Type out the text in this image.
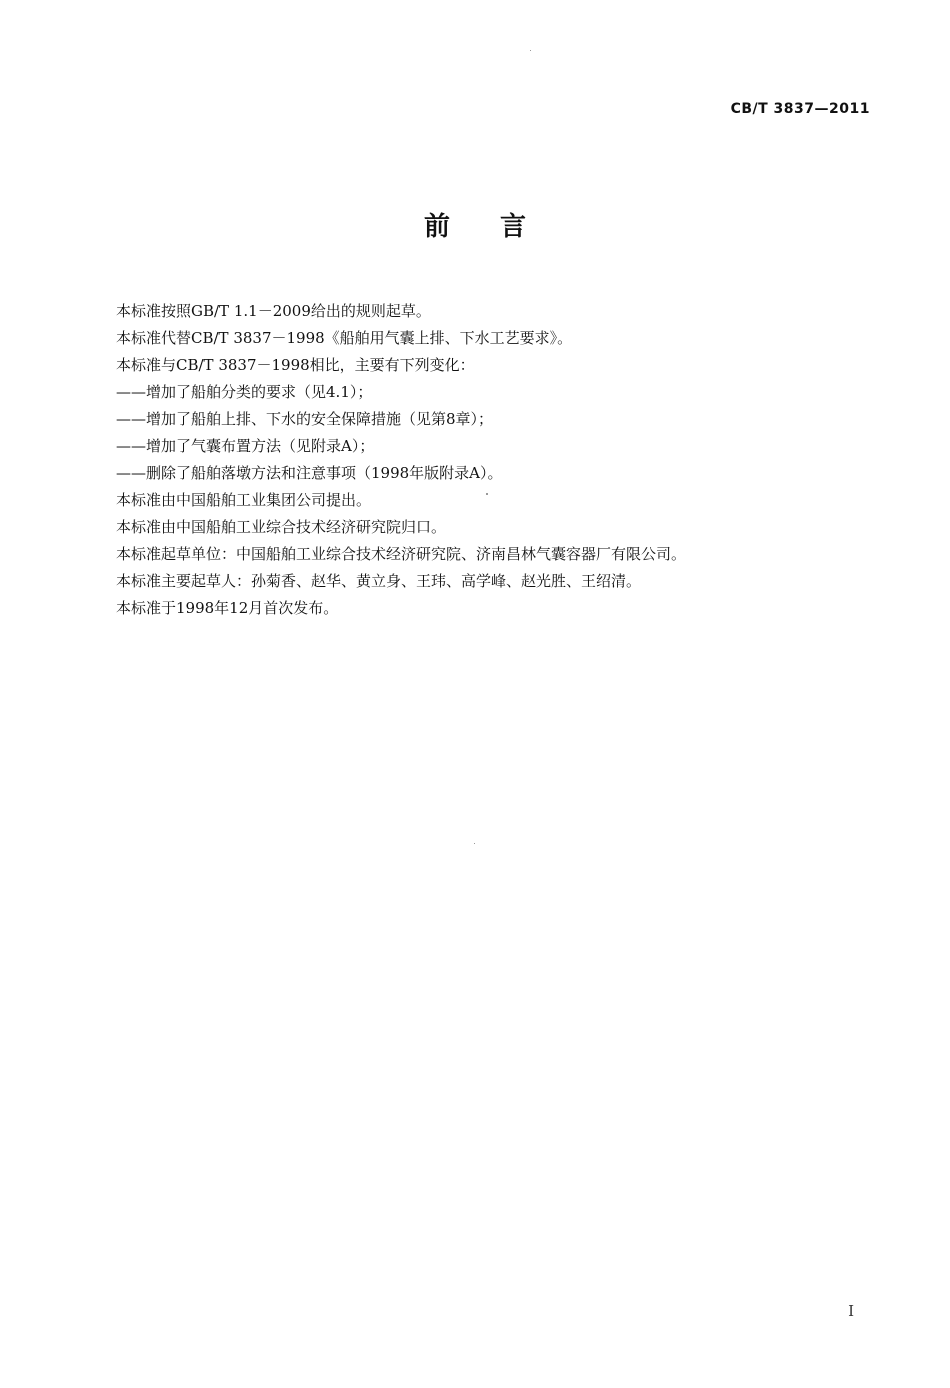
CB/T 3837—2011
前 言
本标准按照GB/T 1.1－2009给出的规则起草。
本标准代替CB/T 3837－1998《船舶用气囊上排、下水工艺要求》。
本标准与CB/T 3837－1998相比，主要有下列变化：
——增加了船舶分类的要求（见4.1）；
——增加了船舶上排、下水的安全保障措施（见第8章）；
——增加了气囊布置方法（见附录A）；
——删除了船舶落墩方法和注意事项（1998年版附录A）。
本标准由中国船舶工业集团公司提出。
本标准由中国船舶工业综合技术经济研究院归口。
本标准起草单位：中国船舶工业综合技术经济研究院、济南昌林气囊容器厂有限公司。
本标准主要起草人：孙菊香、赵华、黄立身、王玮、高学峰、赵光胜、王绍清。
本标准于1998年12月首次发布。
I
